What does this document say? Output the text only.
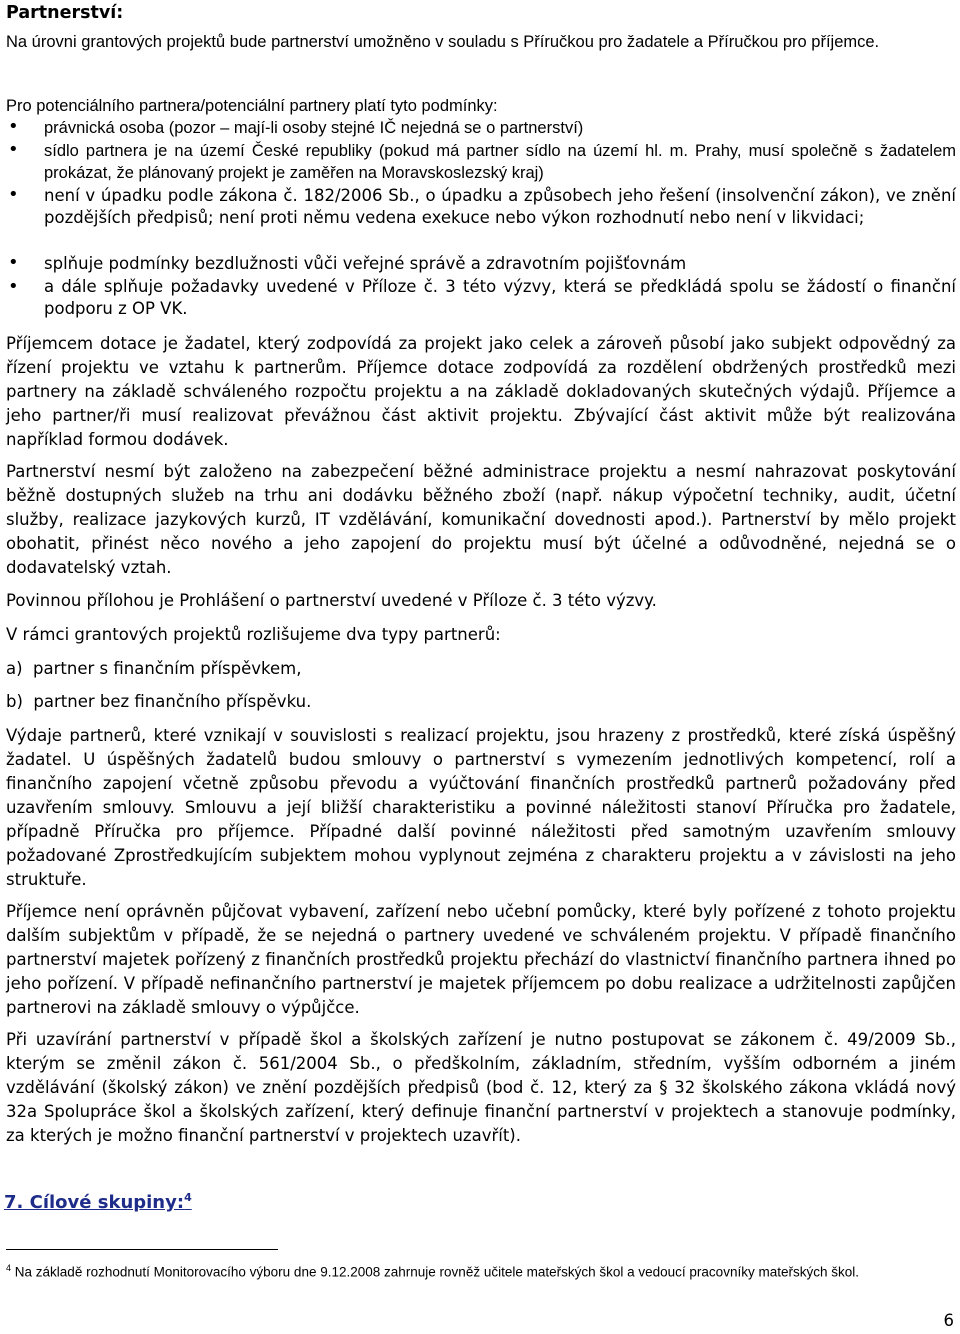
Partnerství:

Na úrovni grantových projektů bude partnerství umožněno v souladu s Příručkou pro žadatele a Příručkou pro příjemce.

Pro potenciálního partnera/potenciální partnery platí tyto podmínky:

• právnická osoba (pozor – mají-li osoby stejné IČ nejedná se o partnerství)
• sídlo partnera je na území České republiky (pokud má partner sídlo na území hl. m. Prahy, musí společně s žadatelem prokázat, že plánovaný projekt je zaměřen na Moravskoslezský kraj)
• není v úpadku podle zákona č. 182/2006 Sb., o úpadku a způsobech jeho řešení (insolvenční zákon), ve znění pozdějších předpisů; není proti němu vedena exekuce nebo výkon rozhodnutí nebo není v likvidaci;
• splňuje podmínky bezdlužnosti vůči veřejné správě a zdravotním pojišťovnám
• a dále splňuje požadavky uvedené v Příloze č. 3 této výzvy, která se předkládá spolu se žádostí o finanční podporu z OP VK.

Příjemcem dotace je žadatel, který zodpovídá za projekt jako celek a zároveň působí jako subjekt odpovědný za řízení projektu ve vztahu k partnerům. Příjemce dotace zodpovídá za rozdělení obdržených prostředků mezi partnery na základě schváleného rozpočtu projektu a na základě dokladovaných skutečných výdajů. Příjemce a jeho partner/ři musí realizovat převážnou část aktivit projektu. Zbývající část aktivit může být realizována například formou dodávek.

Partnerství nesmí být založeno na zabezpečení běžné administrace projektu a nesmí nahrazovat poskytování běžně dostupných služeb na trhu ani dodávku běžného zboží (např. nákup výpočetní techniky, audit, účetní služby, realizace jazykových kurzů, IT vzdělávání, komunikační dovednosti apod.). Partnerství by mělo projekt obohatit, přinést něco nového a jeho zapojení do projektu musí být účelné a odůvodněné, nejedná se o dodavatelský vztah.

Povinnou přílohou je Prohlášení o partnerství uvedené v Příloze č. 3 této výzvy.

V rámci grantových projektů rozlišujeme dva typy partnerů:

a)  partner s finančním příspěvkem,

b)  partner bez finančního příspěvku.

Výdaje partnerů, které vznikají v souvislosti s realizací projektu, jsou hrazeny z prostředků, které získá úspěšný žadatel. U úspěšných žadatelů budou smlouvy o partnerství s vymezením jednotlivých kompetencí, rolí a finančního zapojení včetně způsobu převodu a vyúčtování finančních prostředků partnerů požadovány před uzavřením smlouvy. Smlouvu a její bližší charakteristiku a povinné náležitosti stanoví Příručka pro žadatele, případně Příručka pro příjemce. Případné další povinné náležitosti před samotným uzavřením smlouvy požadované Zprostředkujícím subjektem mohou vyplynout zejména z charakteru projektu a v závislosti na jeho struktuře.

Příjemce není oprávněn půjčovat vybavení, zařízení nebo učební pomůcky, které byly pořízené z tohoto projektu dalším subjektům v případě, že se nejedná o partnery uvedené ve schváleném projektu. V případě finančního partnerství majetek pořízený z finančních prostředků projektu přechází do vlastnictví finančního partnera ihned po jeho pořízení. V případě nefinančního partnerství je majetek příjemcem po dobu realizace a udržitelnosti zapůjčen partnerovi na základě smlouvy o výpůjčce.

Při uzavírání partnerství v případě škol a školských zařízení je nutno postupovat se zákonem č. 49/2009 Sb., kterým se změnil zákon č. 561/2004 Sb., o předškolním, základním, středním, vyšším odborném a jiném vzdělávání (školský zákon) ve znění pozdějších předpisů (bod č. 12, který za § 32 školského zákona vkládá nový 32a Spolupráce škol a školských zařízení, který definuje finanční partnerství v projektech a stanovuje podmínky, za kterých je možno finanční partnerství v projektech uzavřít).

7. Cílové skupiny:$^4$

$^4$ Na základě rozhodnutí Monitorovacího výboru dne 9.12.2008 zahrnuje rovněž učitele mateřských škol a vedoucí pracovníky mateřských škol.

6
